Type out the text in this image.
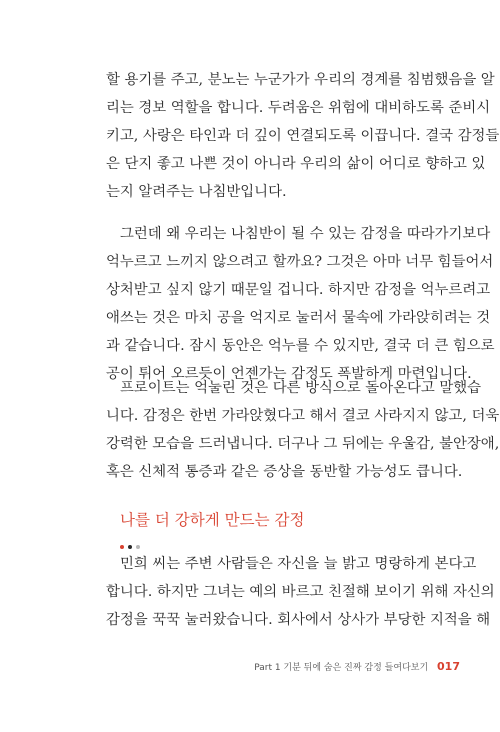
할 용기를 주고, 분노는 누군가가 우리의 경계를 침범했음을 알
리는 경보 역할을 합니다. 두려움은 위험에 대비하도록 준비시
키고, 사랑은 타인과 더 깊이 연결되도록 이끕니다. 결국 감정들
은 단지 좋고 나쁜 것이 아니라 우리의 삶이 어디로 향하고 있
는지 알려주는 나침반입니다.
그런데 왜 우리는 나침반이 될 수 있는 감정을 따라가기보다
억누르고 느끼지 않으려고 할까요? 그것은 아마 너무 힘들어서
상처받고 싶지 않기 때문일 겁니다. 하지만 감정을 억누르려고
애쓰는 것은 마치 공을 억지로 눌러서 물속에 가라앉히려는 것
과 같습니다. 잠시 동안은 억누를 수 있지만, 결국 더 큰 힘으로
공이 튀어 오르듯이 언젠가는 감정도 폭발하게 마련입니다.
프로이트는 억눌린 것은 다른 방식으로 돌아온다고 말했습
니다. 감정은 한번 가라앉혔다고 해서 결코 사라지지 않고, 더욱
강력한 모습을 드러냅니다. 더구나 그 뒤에는 우울감, 불안장애,
혹은 신체적 통증과 같은 증상을 동반할 가능성도 큽니다.
나를 더 강하게 만드는 감정
민희 씨는 주변 사람들은 자신을 늘 밝고 명랑하게 본다고
합니다. 하지만 그녀는 예의 바르고 친절해 보이기 위해 자신의
감정을 꾹꾹 눌러왔습니다. 회사에서 상사가 부당한 지적을 해
Part 1 기분 뒤에 숨은 진짜 감정 들여다보기 017
